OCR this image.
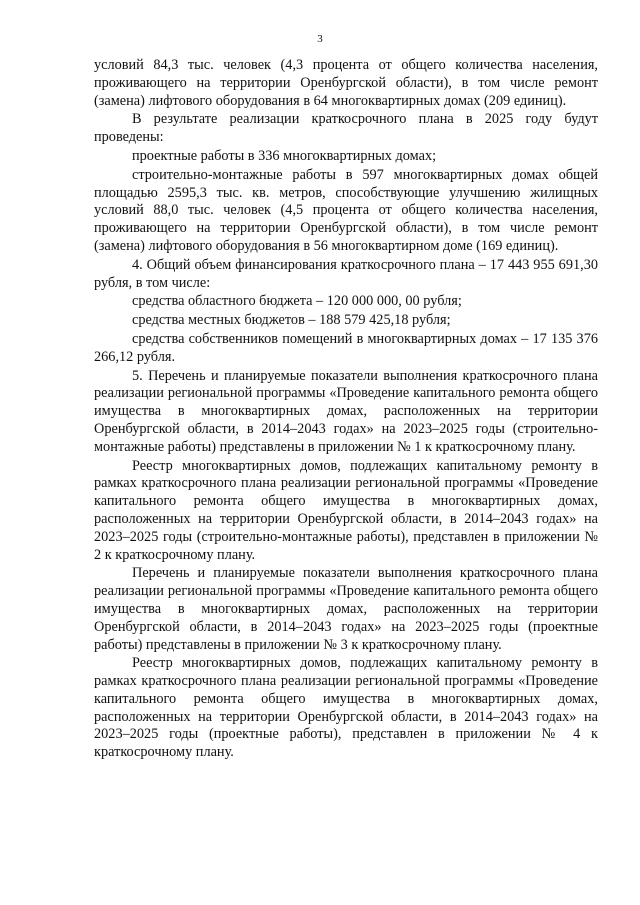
3

условий 84,3 тыс. человек (4,3 процента от общего количества населения, проживающего на территории Оренбургской области), в том числе ремонт (замена) лифтового оборудования в 64 многоквартирных домах (209 единиц).

В результате реализации краткосрочного плана в 2025 году будут проведены:

проектные работы в 336 многоквартирных домах;

строительно-монтажные работы в 597 многоквартирных домах общей площадью 2595,3 тыс. кв. метров, способствующие улучшению жилищных условий 88,0 тыс. человек (4,5 процента от общего количества населения, проживающего на территории Оренбургской области), в том числе ремонт (замена) лифтового оборудования в 56 многоквартирном доме (169 единиц).

4. Общий объем финансирования краткосрочного плана – 17 443 955 691,30 рубля, в том числе:

средства областного бюджета – 120 000 000, 00 рубля;

средства местных бюджетов – 188 579 425,18 рубля;

средства собственников помещений в многоквартирных домах – 17 135 376 266,12 рубля.

5. Перечень и планируемые показатели выполнения краткосрочного плана реализации региональной программы «Проведение капитального ремонта общего имущества в многоквартирных домах, расположенных на территории Оренбургской области, в 2014–2043 годах» на 2023–2025 годы (строительно-монтажные работы) представлены в приложении № 1 к краткосрочному плану.

Реестр многоквартирных домов, подлежащих капитальному ремонту в рамках краткосрочного плана реализации региональной программы «Проведение капитального ремонта общего имущества в многоквартирных домах, расположенных на территории Оренбургской области, в 2014–2043 годах» на 2023–2025 годы (строительно-монтажные работы), представлен в приложении № 2 к краткосрочному плану.

Перечень и планируемые показатели выполнения краткосрочного плана реализации региональной программы «Проведение капитального ремонта общего имущества в многоквартирных домах, расположенных на территории Оренбургской области, в 2014–2043 годах» на 2023–2025 годы (проектные работы) представлены в приложении № 3 к краткосрочному плану.

Реестр многоквартирных домов, подлежащих капитальному ремонту в рамках краткосрочного плана реализации региональной программы «Проведение капитального ремонта общего имущества в многоквартирных домах, расположенных на территории Оренбургской области, в 2014–2043 годах» на 2023–2025 годы (проектные работы), представлен в приложении № 4 к краткосрочному плану.
